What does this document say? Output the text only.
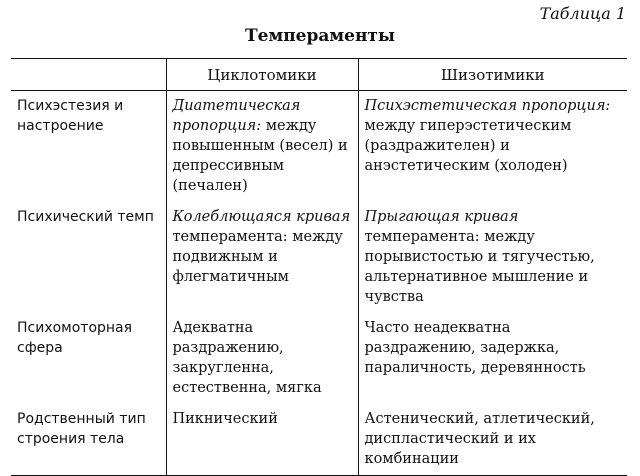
Таблица 1
Темпераменты
	Циклотомики	Шизотимики
Психэстезия и настроение	Диатетическая пропорция: между повышенным (весел) и депрессивным (печален)	Психэстетическая пропорция: между гиперэстетическим (раздражителен) и анэстетическим (холоден)
Психический темп	Колеблющаяся кривая темперамента: между подвижным и флегматичным	Прыгающая кривая темперамента: между порывистостью и тягучестью, альтернативное мышление и чувства
Психомоторная сфера	Адекватна раздражению, закругленна, естественна, мягка	Часто неадекватна раздражению, задержка, параличность, деревянность
Родственный тип строения тела	Пикнический	Астенический, атлетический, диспластический и их комбинации
